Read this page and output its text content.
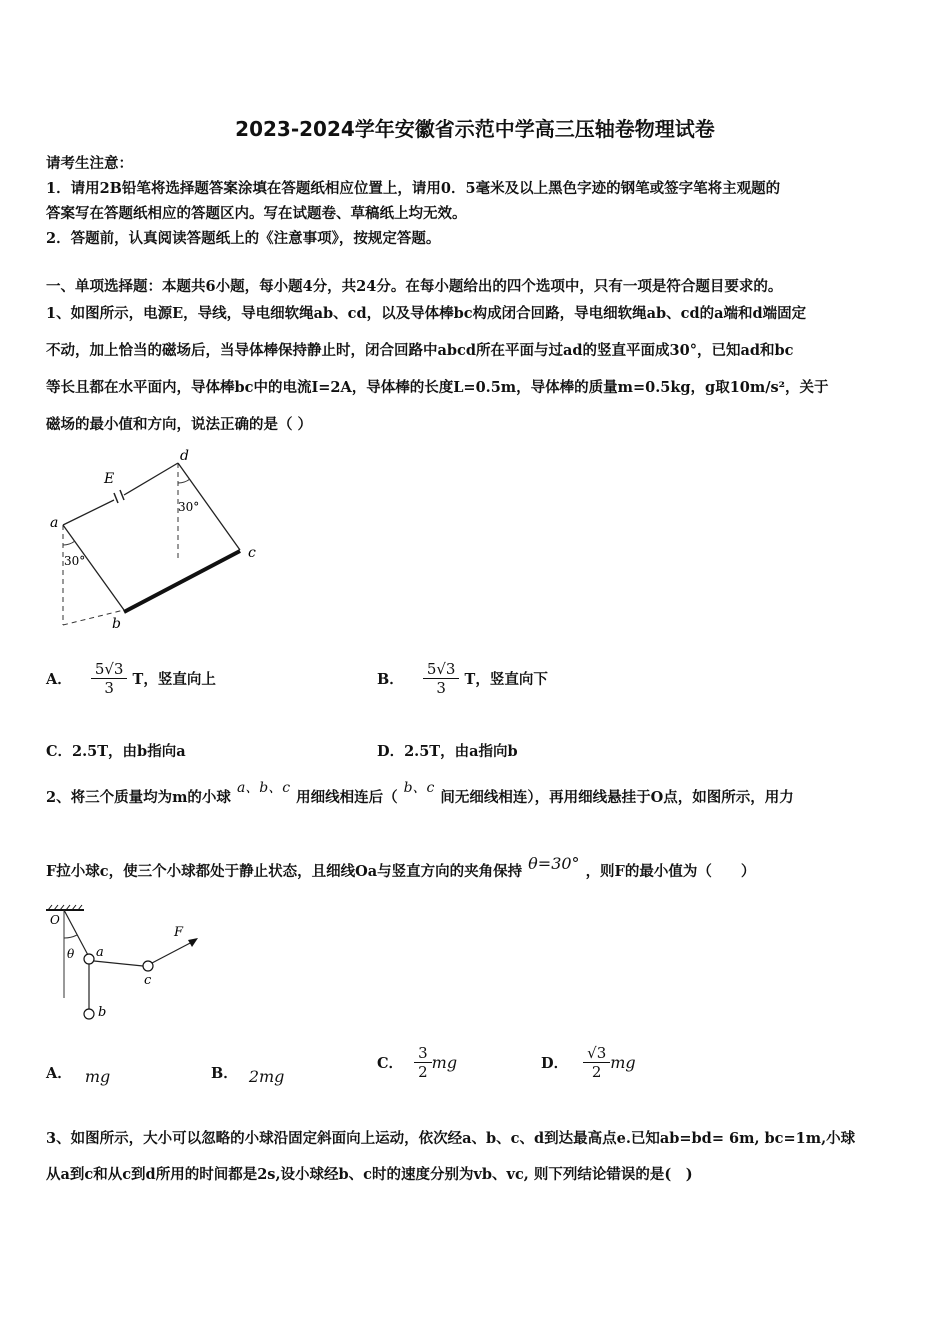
2023-2024学年安徽省示范中学高三压轴卷物理试卷
请考生注意：
1．请用2B铅笔将选择题答案涂填在答题纸相应位置上，请用0．5毫米及以上黑色字迹的钢笔或签字笔将主观题的
答案写在答题纸相应的答题区内。写在试题卷、草稿纸上均无效。
2．答题前，认真阅读答题纸上的《注意事项》，按规定答题。
一、单项选择题：本题共6小题，每小题4分，共24分。在每小题给出的四个选项中，只有一项是符合题目要求的。
1、如图所示，电源E，导线，导电细软绳ab、cd，以及导体棒bc构成闭合回路，导电细软绳ab、cd的a端和d端固定
不动，加上恰当的磁场后，当导体棒保持静止时，闭合回路中abcd所在平面与过ad的竖直平面成30°，已知ad和bc
等长且都在水平面内，导体棒bc中的电流I=2A，导体棒的长度L=0.5m，导体棒的质量m=0.5kg，g取10m/s²，关于
磁场的最小值和方向，说法正确的是（ ）
a
b
c
d
E
30°
30°
A． $\frac{5√3}{3}$ T，竖直向上	B． $\frac{5√3}{3}$ T，竖直向下
C．2.5T，由b指向a	D．2.5T，由a指向b
2、将三个质量均为m的小球a、b、c用细线相连后（b、c间无细线相连），再用细线悬挂于O点，如图所示，用力
F拉小球c，使三个小球都处于静止状态，且细线Oa与竖直方向的夹角保持 θ=30° ，则F的最小值为（　　）
O
θ a
b
c
F
A． mg	B． 2mg
C． $\frac{3}{2}$ mg	D． $\frac{√3}{2}$ mg
3、如图所示，大小可以忽略的小球沿固定斜面向上运动，依次经a、b、c、d到达最高点e.已知ab=bd= 6m, bc=1m,小球
从a到c和从c到d所用的时间都是2s,设小球经b、c时的速度分别为vb、vc, 则下列结论错误的是(　)
